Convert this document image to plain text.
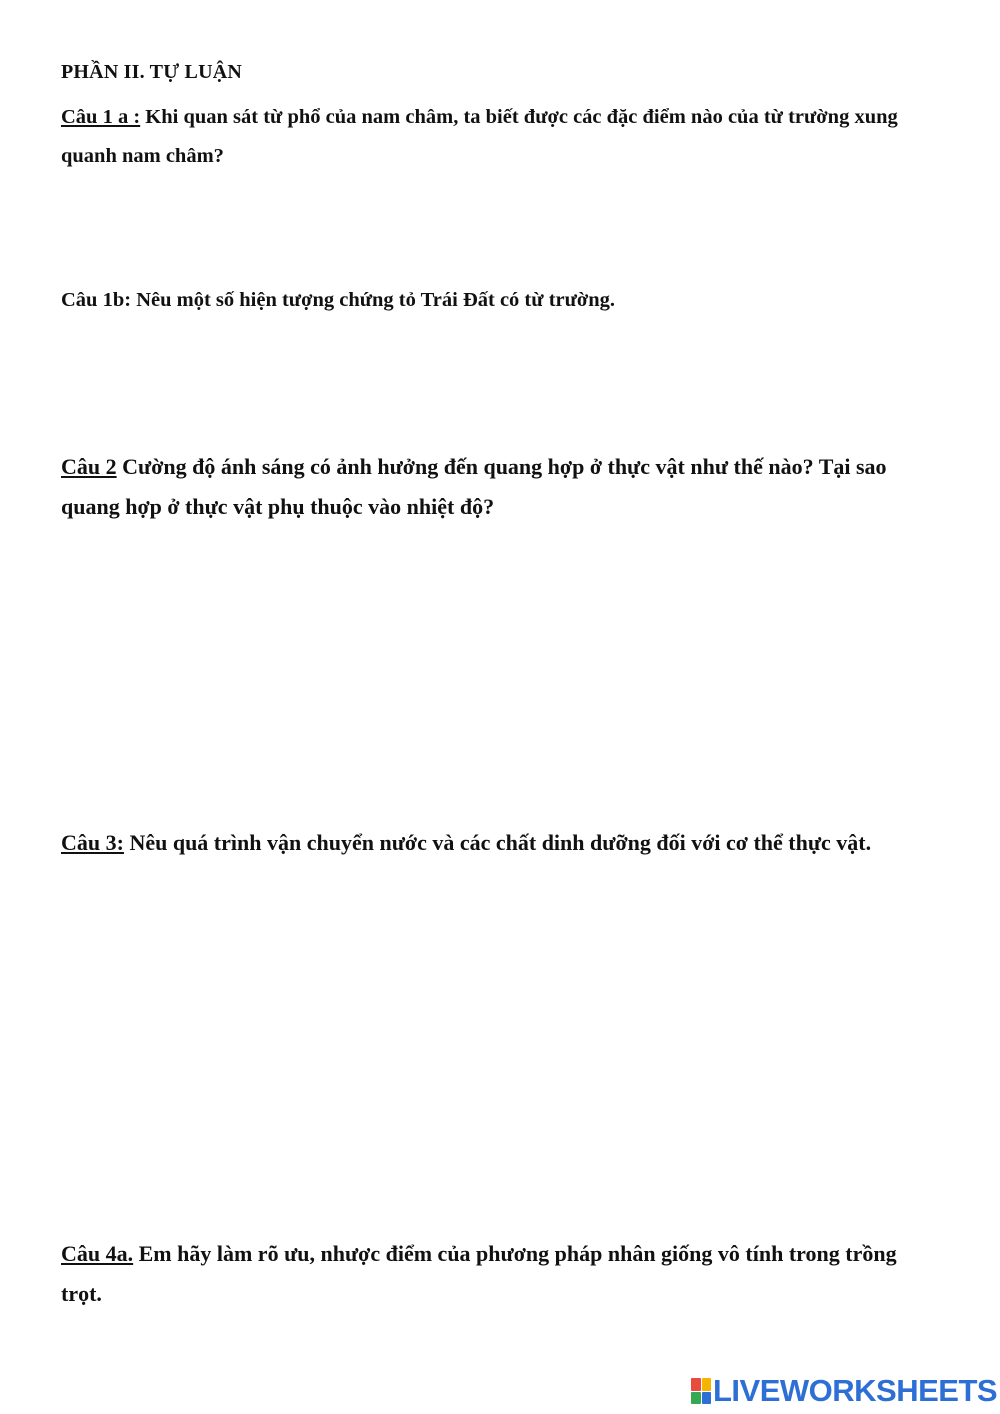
PHẦN II. TỰ LUẬN
Câu 1 a : Khi quan sát từ phổ của nam châm, ta biết được các đặc điểm nào của từ trường xung
quanh nam châm?
Câu 1b: Nêu một số hiện tượng chứng tỏ Trái Đất có từ trường.
Câu 2 Cường độ ánh sáng có ảnh hưởng đến quang hợp ở thực vật như thế nào? Tại sao
quang hợp ở thực vật phụ thuộc vào nhiệt độ?
Câu 3: Nêu quá trình vận chuyển nước và các chất dinh dưỡng đối với cơ thể thực vật.
Câu 4a. Em hãy làm rõ ưu, nhược điểm của phương pháp nhân giống vô tính trong trồng
trọt.
LIVEWORKSHEETS
